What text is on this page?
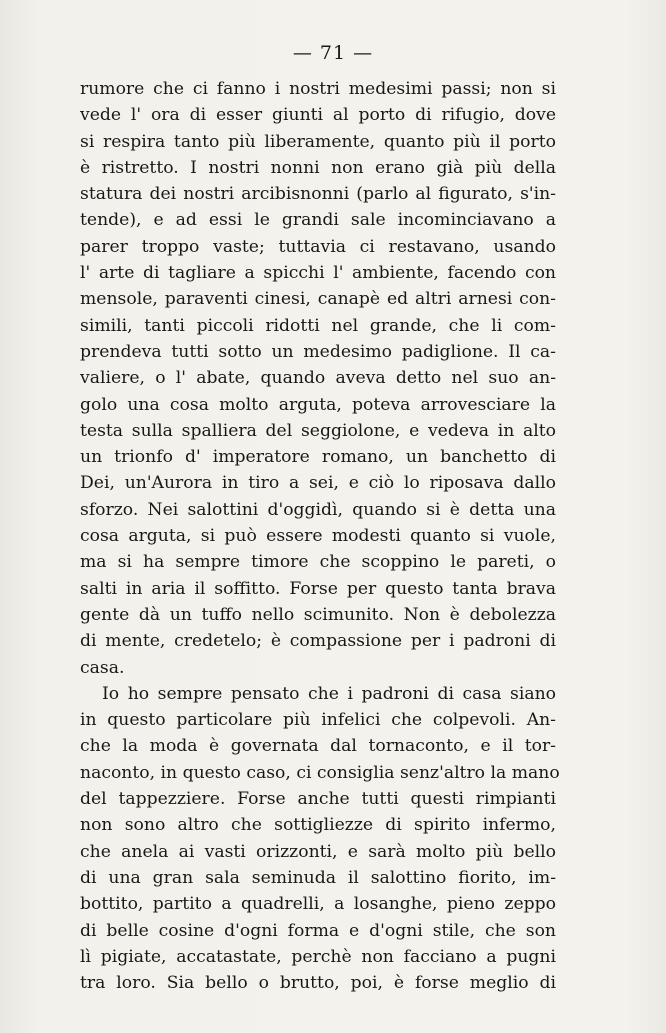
— 71 —
rumore che ci fanno i nostri medesimi passi; non si
vede l' ora di esser giunti al porto di rifugio, dove
si respira tanto più liberamente, quanto più il porto
è ristretto. I nostri nonni non erano già più della
statura dei nostri arcibisnonni (parlo al figurato, s'in-
tende), e ad essi le grandi sale incominciavano a
parer troppo vaste; tuttavia ci restavano, usando
l' arte di tagliare a spicchi l' ambiente, facendo con
mensole, paraventi cinesi, canapè ed altri arnesi con-
simili, tanti piccoli ridotti nel grande, che li com-
prendeva tutti sotto un medesimo padiglione. Il ca-
valiere, o l' abate, quando aveva detto nel suo an-
golo una cosa molto arguta, poteva arrovesciare la
testa sulla spalliera del seggiolone, e vedeva in alto
un trionfo d' imperatore romano, un banchetto di
Dei, un'Aurora in tiro a sei, e ciò lo riposava dallo
sforzo. Nei salottini d'oggidì, quando si è detta una
cosa arguta, si può essere modesti quanto si vuole,
ma si ha sempre timore che scoppino le pareti, o
salti in aria il soffitto. Forse per questo tanta brava
gente dà un tuffo nello scimunito. Non è debolezza
di mente, credetelo; è compassione per i padroni di
casa.
Io ho sempre pensato che i padroni di casa siano
in questo particolare più infelici che colpevoli. An-
che la moda è governata dal tornaconto, e il tor-
naconto, in questo caso, ci consiglia senz'altro la mano
del tappezziere. Forse anche tutti questi rimpianti
non sono altro che sottigliezze di spirito infermo,
che anela ai vasti orizzonti, e sarà molto più bello
di una gran sala seminuda il salottino fiorito, im-
bottito, partito a quadrelli, a losanghe, pieno zeppo
di belle cosine d'ogni forma e d'ogni stile, che son
lì pigiate, accatastate, perchè non facciano a pugni
tra loro. Sia bello o brutto, poi, è forse meglio di
